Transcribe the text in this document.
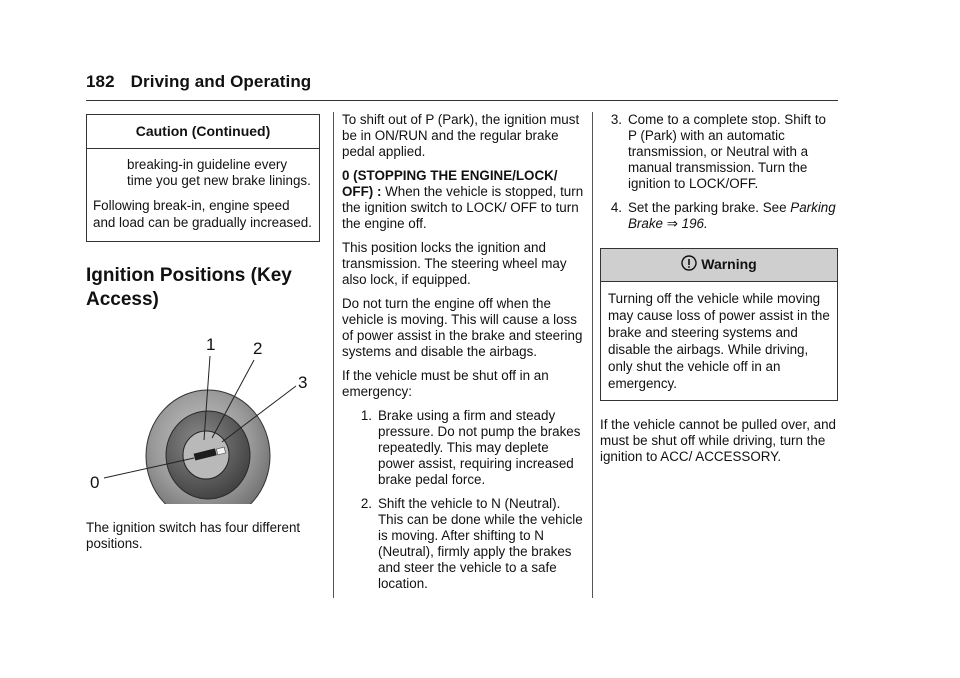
182 Driving and Operating
Caution (Continued)

breaking-in guideline every time you get new brake linings.

Following break-in, engine speed and load can be gradually increased.

Ignition Positions (Key Access)
0
1 2
3

The ignition switch has four different positions.

To shift out of P (Park), the ignition must be in ON/RUN and the regular brake pedal applied.

0 (STOPPING THE ENGINE/LOCK/ OFF) : When the vehicle is stopped, turn the ignition switch to LOCK/ OFF to turn the engine off.

This position locks the ignition and transmission. The steering wheel may also lock, if equipped.

Do not turn the engine off when the vehicle is moving. This will cause a loss of power assist in the brake and steering systems and disable the airbags.

If the vehicle must be shut off in an emergency:

1. Brake using a firm and steady pressure. Do not pump the brakes repeatedly. This may deplete power assist, requiring increased brake pedal force.
2. Shift the vehicle to N (Neutral). This can be done while the vehicle is moving. After shifting to N (Neutral), firmly apply the brakes and steer the vehicle to a safe location.
3. Come to a complete stop. Shift to P (Park) with an automatic transmission, or Neutral with a manual transmission. Turn the ignition to LOCK/OFF.
4. Set the parking brake. See Parking Brake ⇒ 196.
Warning
Turning off the vehicle while moving may cause loss of power assist in the brake and steering systems and disable the airbags. While driving, only shut the vehicle off in an emergency.

If the vehicle cannot be pulled over, and must be shut off while driving, turn the ignition to ACC/ ACCESSORY.
